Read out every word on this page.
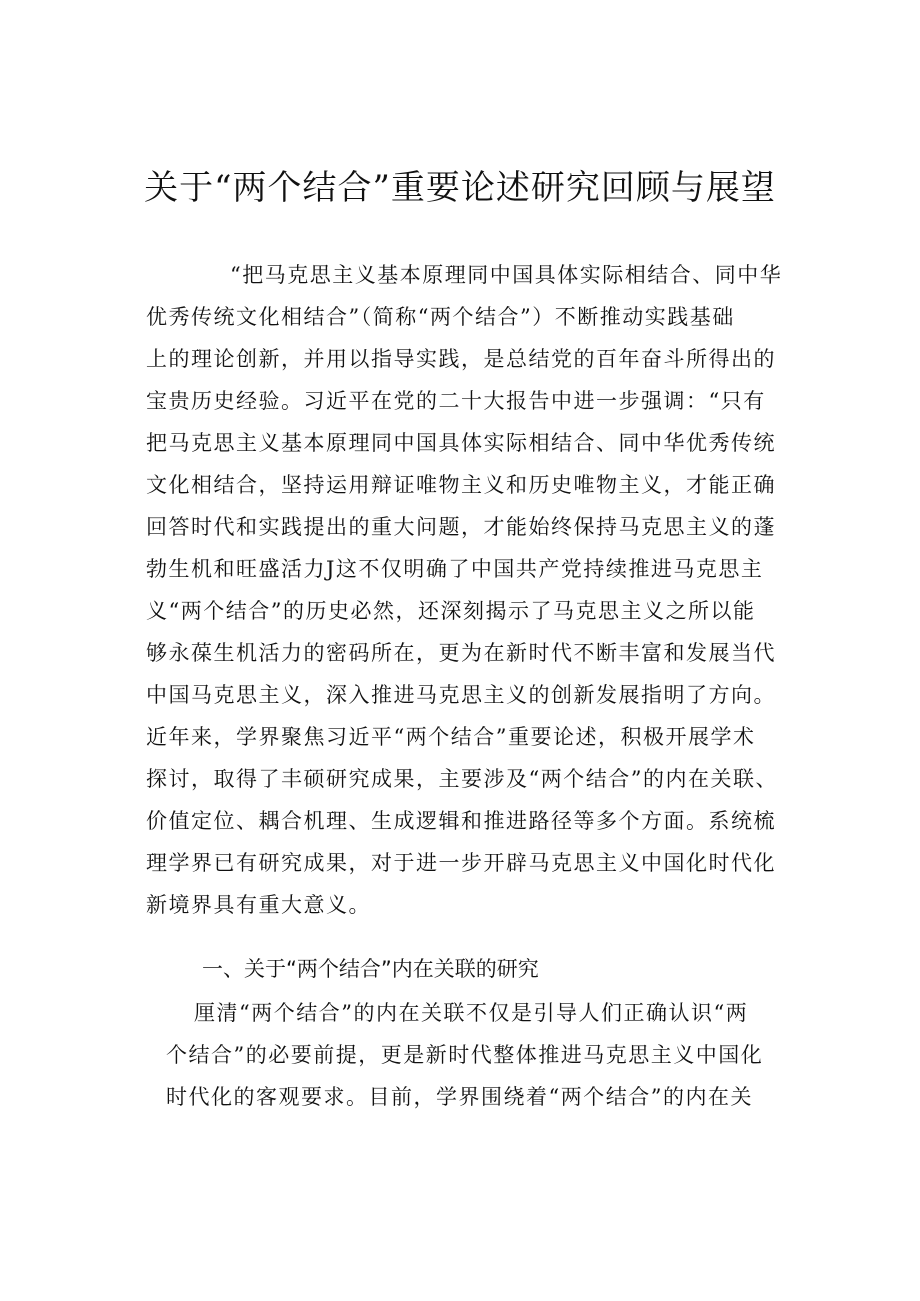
关于“两个结合”重要论述研究回顾与展望
“把马克思主义基本原理同中国具体实际相结合、同中华
优秀传统文化相结合”（简称“两个结合”）不断推动实践基础
上的理论创新，并用以指导实践，是总结党的百年奋斗所得出的
宝贵历史经验。习近平在党的二十大报告中进一步强调：“只有
把马克思主义基本原理同中国具体实际相结合、同中华优秀传统
文化相结合，坚持运用辩证唯物主义和历史唯物主义，才能正确
回答时代和实践提出的重大问题，才能始终保持马克思主义的蓬
勃生机和旺盛活力J这不仅明确了中国共产党持续推进马克思主
义“两个结合”的历史必然，还深刻揭示了马克思主义之所以能
够永葆生机活力的密码所在，更为在新时代不断丰富和发展当代
中国马克思主义，深入推进马克思主义的创新发展指明了方向。
近年来，学界聚焦习近平“两个结合”重要论述，积极开展学术
探讨，取得了丰硕研究成果，主要涉及“两个结合”的内在关联、
价值定位、耦合机理、生成逻辑和推进路径等多个方面。系统梳
理学界已有研究成果，对于进一步开辟马克思主义中国化时代化
新境界具有重大意义。
一、关于“两个结合”内在关联的研究
厘清“两个结合”的内在关联不仅是引导人们正确认识“两
个结合”的必要前提，更是新时代整体推进马克思主义中国化
时代化的客观要求。目前，学界围绕着“两个结合”的内在关
